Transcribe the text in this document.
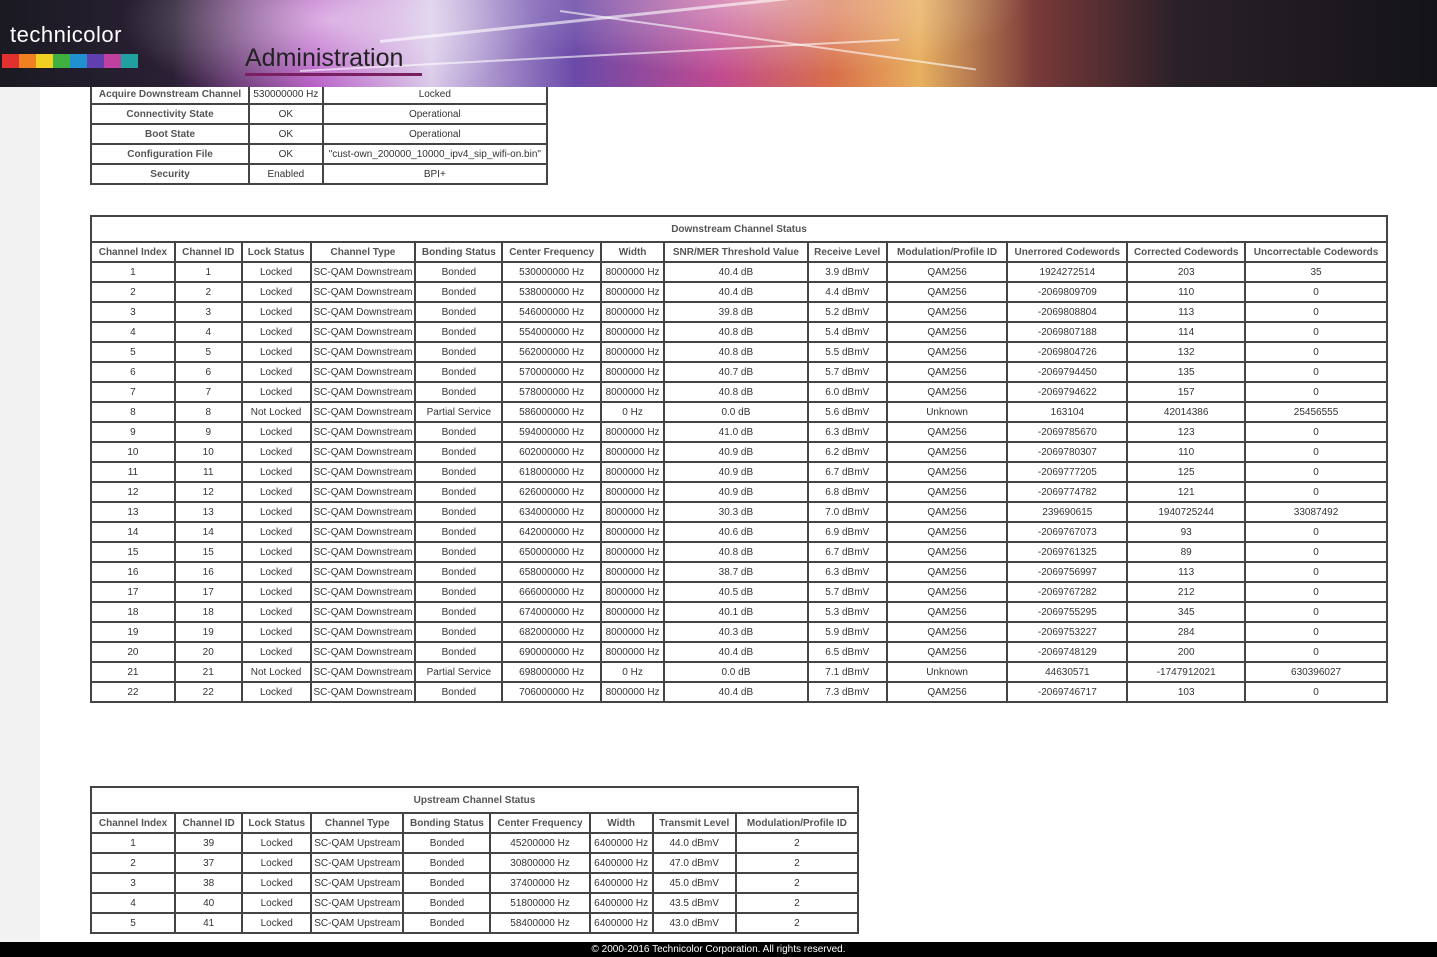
Acquire Downstream Channel	530000000 Hz	Locked
Connectivity State	OK	Operational
Boot State	OK	Operational
Configuration File	OK	"cust-own_200000_10000_ipv4_sip_wifi-on.bin"
Security	Enabled	BPI+
Downstream Channel Status												
Channel Index	Channel ID	Lock Status	Channel Type	Bonding Status	Center Frequency	Width	SNR/MER Threshold Value	Receive Level	Modulation/Profile ID	Unerrored Codewords	Corrected Codewords	Uncorrectable Codewords
1	1	Locked	SC-QAM Downstream	Bonded	530000000 Hz	8000000 Hz	40.4 dB	3.9 dBmV	QAM256	1924272514	203	35
2	2	Locked	SC-QAM Downstream	Bonded	538000000 Hz	8000000 Hz	40.4 dB	4.4 dBmV	QAM256	-2069809709	110	0
3	3	Locked	SC-QAM Downstream	Bonded	546000000 Hz	8000000 Hz	39.8 dB	5.2 dBmV	QAM256	-2069808804	113	0
4	4	Locked	SC-QAM Downstream	Bonded	554000000 Hz	8000000 Hz	40.8 dB	5.4 dBmV	QAM256	-2069807188	114	0
5	5	Locked	SC-QAM Downstream	Bonded	562000000 Hz	8000000 Hz	40.8 dB	5.5 dBmV	QAM256	-2069804726	132	0
6	6	Locked	SC-QAM Downstream	Bonded	570000000 Hz	8000000 Hz	40.7 dB	5.7 dBmV	QAM256	-2069794450	135	0
7	7	Locked	SC-QAM Downstream	Bonded	578000000 Hz	8000000 Hz	40.8 dB	6.0 dBmV	QAM256	-2069794622	157	0
8	8	Not Locked	SC-QAM Downstream	Partial Service	586000000 Hz	0 Hz	0.0 dB	5.6 dBmV	Unknown	163104	42014386	25456555
9	9	Locked	SC-QAM Downstream	Bonded	594000000 Hz	8000000 Hz	41.0 dB	6.3 dBmV	QAM256	-2069785670	123	0
10	10	Locked	SC-QAM Downstream	Bonded	602000000 Hz	8000000 Hz	40.9 dB	6.2 dBmV	QAM256	-2069780307	110	0
11	11	Locked	SC-QAM Downstream	Bonded	618000000 Hz	8000000 Hz	40.9 dB	6.7 dBmV	QAM256	-2069777205	125	0
12	12	Locked	SC-QAM Downstream	Bonded	626000000 Hz	8000000 Hz	40.9 dB	6.8 dBmV	QAM256	-2069774782	121	0
13	13	Locked	SC-QAM Downstream	Bonded	634000000 Hz	8000000 Hz	30.3 dB	7.0 dBmV	QAM256	239690615	1940725244	33087492
14	14	Locked	SC-QAM Downstream	Bonded	642000000 Hz	8000000 Hz	40.6 dB	6.9 dBmV	QAM256	-2069767073	93	0
15	15	Locked	SC-QAM Downstream	Bonded	650000000 Hz	8000000 Hz	40.8 dB	6.7 dBmV	QAM256	-2069761325	89	0
16	16	Locked	SC-QAM Downstream	Bonded	658000000 Hz	8000000 Hz	38.7 dB	6.3 dBmV	QAM256	-2069756997	113	0
17	17	Locked	SC-QAM Downstream	Bonded	666000000 Hz	8000000 Hz	40.5 dB	5.7 dBmV	QAM256	-2069767282	212	0
18	18	Locked	SC-QAM Downstream	Bonded	674000000 Hz	8000000 Hz	40.1 dB	5.3 dBmV	QAM256	-2069755295	345	0
19	19	Locked	SC-QAM Downstream	Bonded	682000000 Hz	8000000 Hz	40.3 dB	5.9 dBmV	QAM256	-2069753227	284	0
20	20	Locked	SC-QAM Downstream	Bonded	690000000 Hz	8000000 Hz	40.4 dB	6.5 dBmV	QAM256	-2069748129	200	0
21	21	Not Locked	SC-QAM Downstream	Partial Service	698000000 Hz	0 Hz	0.0 dB	7.1 dBmV	Unknown	44630571	-1747912021	630396027
22	22	Locked	SC-QAM Downstream	Bonded	706000000 Hz	8000000 Hz	40.4 dB	7.3 dBmV	QAM256	-2069746717	103	0
Upstream Channel Status								
Channel Index	Channel ID	Lock Status	Channel Type	Bonding Status	Center Frequency	Width	Transmit Level	Modulation/Profile ID
1	39	Locked	SC-QAM Upstream	Bonded	45200000 Hz	6400000 Hz	44.0 dBmV	2
2	37	Locked	SC-QAM Upstream	Bonded	30800000 Hz	6400000 Hz	47.0 dBmV	2
3	38	Locked	SC-QAM Upstream	Bonded	37400000 Hz	6400000 Hz	45.0 dBmV	2
4	40	Locked	SC-QAM Upstream	Bonded	51800000 Hz	6400000 Hz	43.5 dBmV	2
5	41	Locked	SC-QAM Upstream	Bonded	58400000 Hz	6400000 Hz	43.0 dBmV	2
technicolor
Administration
© 2000-2016 Technicolor Corporation. All rights reserved.
